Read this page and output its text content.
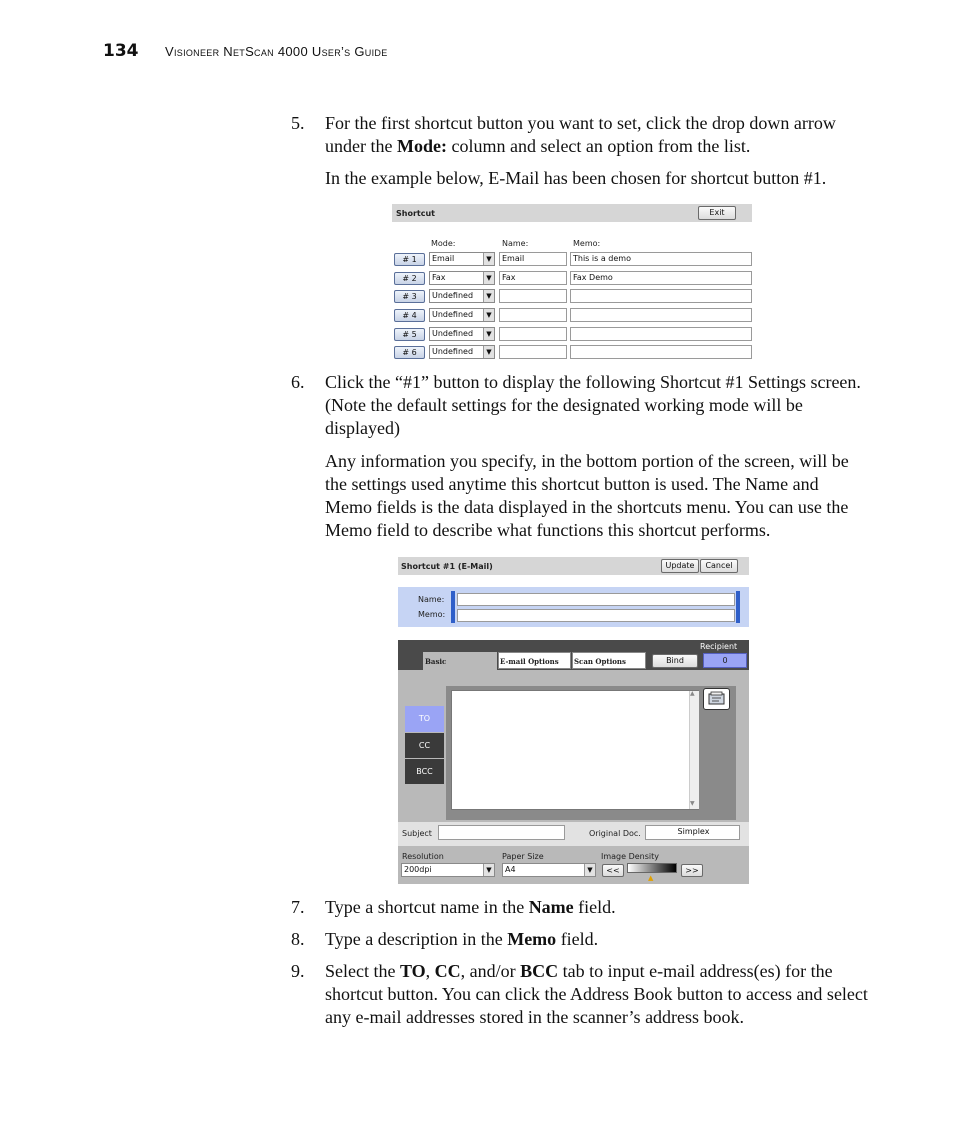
134 Visioneer NetScan 4000 User’s Guide
5. For the first shortcut button you want to set, click the drop down arrow under the Mode: column and select an option from the list.
In the example below, E-Mail has been chosen for shortcut button #1.
Shortcut	Exit
Mode:	Name:	Memo:
# 1	Email	▼	Email	This is a demo
# 2	Fax	▼	Fax	Fax Demo
# 3	Undefined	▼
# 4	Undefined	▼
# 5	Undefined	▼
# 6	Undefined	▼
6. Click the “#1” button to display the following Shortcut #1 Settings screen. (Note the default settings for the designated working mode will be displayed)
Any information you specify, in the bottom portion of the screen, will be the settings used anytime this shortcut button is used. The Name and Memo fields is the data displayed in the shortcuts menu. You can use the Memo field to describe what functions this shortcut performs.
Shortcut #1 (E-Mail)	Update	Cancel
Name:
Memo:
Recipient
Basic	E-mail Options Scan Options	Bind	0
TO
CC
BCC
▲
▼
Subject	Original Doc.	Simplex
Resolution	Paper Size	Image Density
200dpi	▼	A4	▼	<<
▲
>>
7. Type a shortcut name in the Name field.
8. Type a description in the Memo field.
9. Select the TO, CC, and/or BCC tab to input e-mail address(es) for the shortcut button. You can click the Address Book button to access and select any e-mail addresses stored in the scanner’s address book.
